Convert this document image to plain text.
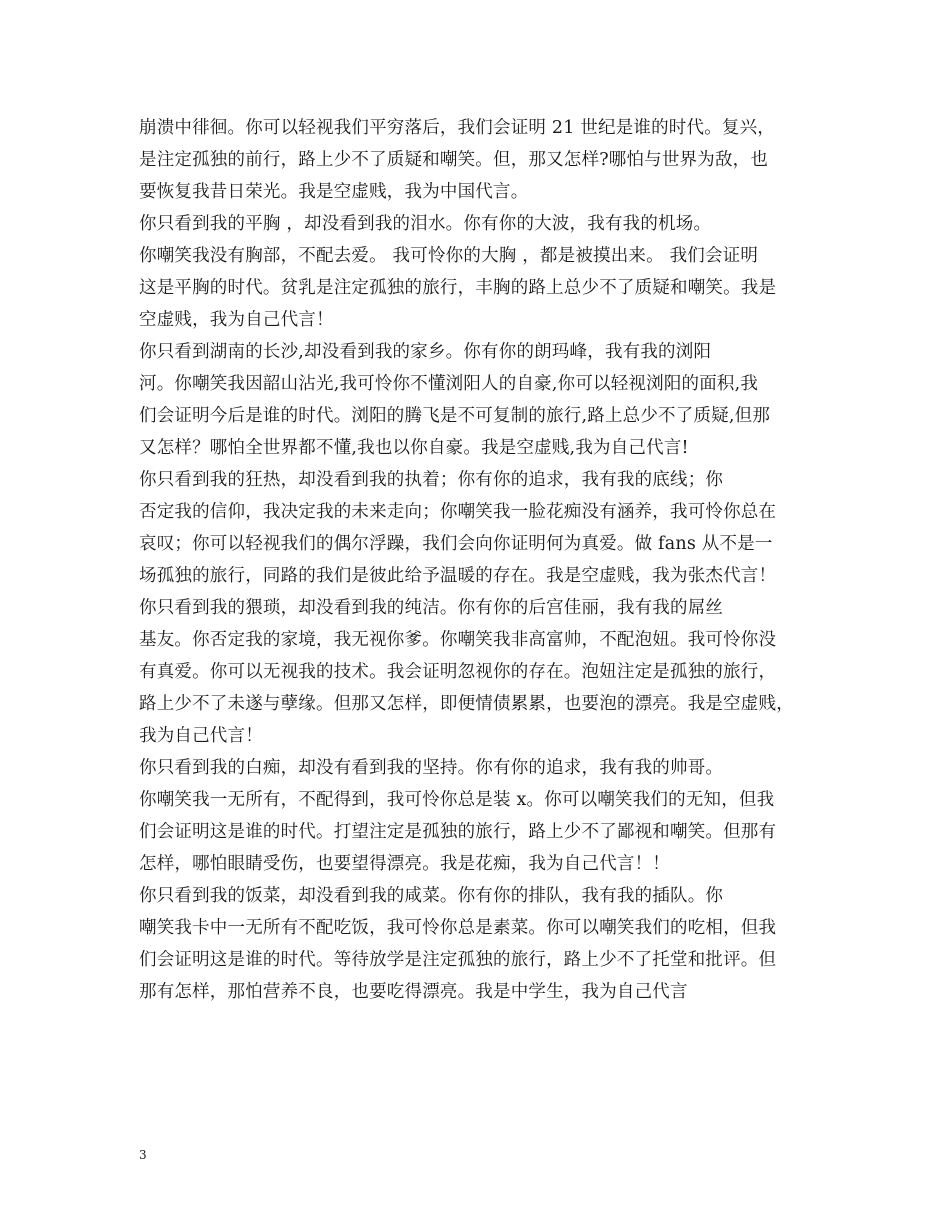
崩溃中徘徊。你可以轻视我们平穷落后，我们会证明 21 世纪是谁的时代。复兴，
是注定孤独的前行，路上少不了质疑和嘲笑。但，那又怎样?哪怕与世界为敌，也
要恢复我昔日荣光。我是空虚贱，我为中国代言。
你只看到我的平胸 ，却没看到我的泪水。你有你的大波，我有我的机场。
你嘲笑我没有胸部，不配去爱。 我可怜你的大胸 ，都是被摸出来。 我们会证明
这是平胸的时代。贫乳是注定孤独的旅行，丰胸的路上总少不了质疑和嘲笑。我是
空虚贱，我为自己代言！
你只看到湖南的长沙,却没看到我的家乡。你有你的朗玛峰，我有我的浏阳
河。你嘲笑我因韶山沾光,我可怜你不懂浏阳人的自豪,你可以轻视浏阳的面积,我
们会证明今后是谁的时代。浏阳的腾飞是不可复制的旅行,路上总少不了质疑,但那
又怎样？哪怕全世界都不懂,我也以你自豪。我是空虚贱,我为自己代言!
你只看到我的狂热，却没看到我的执着；你有你的追求，我有我的底线；你
否定我的信仰，我决定我的未来走向；你嘲笑我一脸花痴没有涵养，我可怜你总在
哀叹；你可以轻视我们的偶尔浮躁，我们会向你证明何为真爱。做 fans 从不是一
场孤独的旅行，同路的我们是彼此给予温暖的存在。我是空虚贱，我为张杰代言！
你只看到我的猥琐，却没看到我的纯洁。你有你的后宫佳丽，我有我的屌丝
基友。你否定我的家境，我无视你爹。你嘲笑我非高富帅，不配泡妞。我可怜你没
有真爱。你可以无视我的技术。我会证明忽视你的存在。泡妞注定是孤独的旅行，
路上少不了未遂与孽缘。但那又怎样，即便情债累累，也要泡的漂亮。我是空虚贱，
我为自己代言！
你只看到我的白痴，却没有看到我的坚持。你有你的追求，我有我的帅哥。
你嘲笑我一无所有，不配得到，我可怜你总是装 x。你可以嘲笑我们的无知，但我
们会证明这是谁的时代。打望注定是孤独的旅行，路上少不了鄙视和嘲笑。但那有
怎样，哪怕眼睛受伤，也要望得漂亮。我是花痴，我为自己代言！！
你只看到我的饭菜，却没看到我的咸菜。你有你的排队，我有我的插队。你
嘲笑我卡中一无所有不配吃饭，我可怜你总是素菜。你可以嘲笑我们的吃相，但我
们会证明这是谁的时代。等待放学是注定孤独的旅行，路上少不了托堂和批评。但
那有怎样，那怕营养不良，也要吃得漂亮。我是中学生，我为自己代言
3
